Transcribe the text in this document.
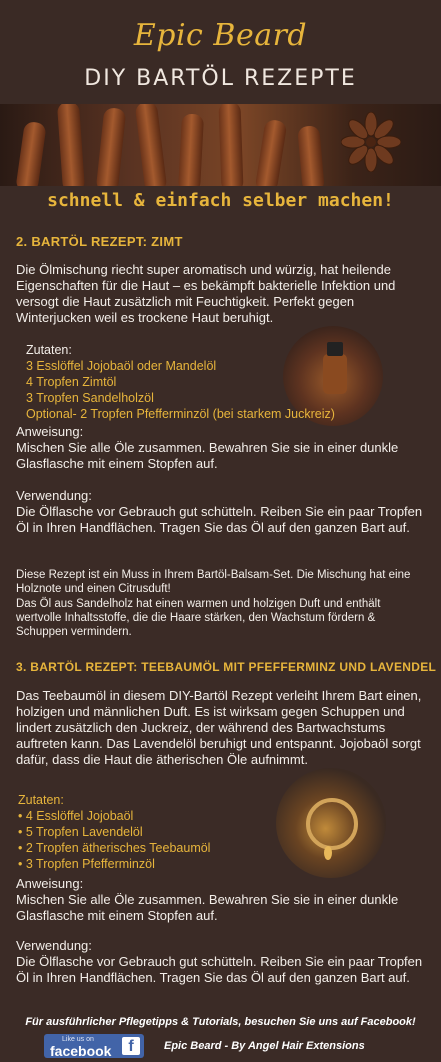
Epic Beard
DIY BARTÖL REZEPTE
schnell & einfach selber machen!
2. BARTÖL REZEPT: ZIMT
Die Ölmischung riecht super aromatisch und würzig, hat heilende Eigenschaften für die Haut – es bekämpft bakterielle Infektion und versogt die Haut zusätzlich mit Feuchtigkeit. Perfekt gegen Winterjucken weil es trockene Haut beruhigt.
Zutaten:
3 Esslöffel Jojobaöl oder Mandelöl
4 Tropfen Zimtöl
3 Tropfen Sandelholzöl
Optional- 2 Tropfen Pfefferminzöl (bei starkem Juckreiz)
Anweisung:
Mischen Sie alle Öle zusammen. Bewahren Sie sie in einer dunkle Glasflasche mit einem Stopfen auf.
Verwendung:
Die Ölflasche vor Gebrauch gut schütteln. Reiben Sie ein paar Tropfen Öl in Ihren Handflächen. Tragen Sie das Öl auf den ganzen Bart auf.
Diese Rezept ist ein Muss in Ihrem Bartöl-Balsam-Set. Die Mischung hat eine Holznote und einen Citrusduft!
Das Öl aus Sandelholz hat einen warmen und holzigen Duft und enthält wertvolle Inhaltsstoffe, die die Haare stärken, den Wachstum fördern & Schuppen vermindern.
3. BARTÖL REZEPT: TEEBAUMÖL MIT PFEFFERMINZ UND LAVENDEL
Das Teebaumöl in diesem DIY-Bartöl Rezept verleiht Ihrem Bart einen, holzigen und männlichen Duft. Es ist wirksam gegen Schuppen und lindert zusätzlich den Juckreiz, der während des Bartwachstums auftreten kann. Das Lavendelöl beruhigt und entspannt. Jojobaöl sorgt dafür, dass die Haut die ätherischen Öle aufnimmt.
Zutaten:
• 4 Esslöffel Jojobaöl
• 5 Tropfen Lavendelöl
• 2 Tropfen ätherisches Teebaumöl
• 3 Tropfen Pfefferminzöl
Anweisung:
Mischen Sie alle Öle zusammen. Bewahren Sie sie in einer dunkle Glasflasche mit einem Stopfen auf.
Verwendung:
Die Ölflasche vor Gebrauch gut schütteln. Reiben Sie ein paar Tropfen Öl in Ihren Handflächen. Tragen Sie das Öl auf den ganzen Bart auf.
Für ausführlicher Pflegetipps & Tutorials, besuchen Sie uns auf Facebook!
Like us on
facebook	f	Epic Beard - By Angel Hair Extensions
